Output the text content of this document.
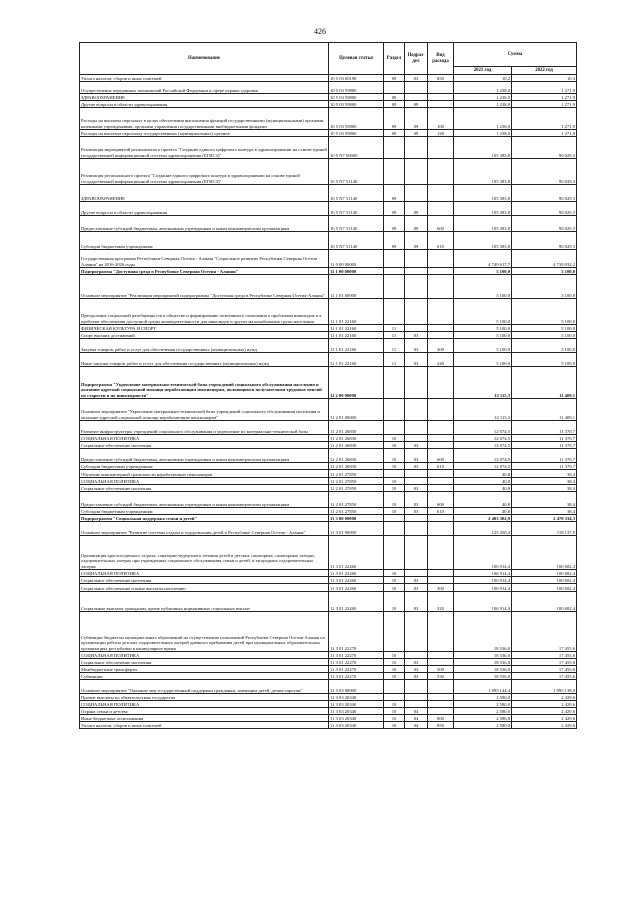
426
Наименование	Целевая статья	Раздел	Подраз-дел	Вид расхода	Сумма	
					2021 год	2022 год
Уплата налогов, сборов и иных платежей	10 5 03 00190	09	03	850	10,2	10,3
Осуществление переданных полномочий Российской Федерации в сфере охраны здоровья	10 5 03 59800				1 238,0	1 271,9
ЗДРАВООХРАНЕНИЕ	10 5 03 59800	09			1 238,0	1 271,9
Другие вопросы в области здравоохранения	10 5 03 59800	09	09		1 238,0	1 271,9
Расходы на выплаты персоналу в целях обеспечения выполнения функций государственными (муниципальными) органами, казенными учреждениями, органами управления государственными внебюджетными фондами	10 5 03 59800	09	09	100	1 238,0	1 271,9
Расходы на выплаты персоналу государственных (муниципальных) органов	10 5 03 59800	09	09	120	1 238,0	1 271,9
Реализация мероприятий регионального проекта "Создание единого цифрового контура в здравоохранении на основе единой государственной информационной системы здравоохранения (ЕГИСЗ)"	10 5 N7 00000				105 383,8	90 029,3
Реализация регионального проекта "Создание единого цифрового контура в здравоохранении на основе единой государственной информационной системы здравоохранения (ЕГИСЗ)"	10 5 N7 51140				105 383,8	90 029,3
ЗДРАВООХРАНЕНИЕ	10 5 N7 51140	09			105 383,8	90 029,3
Другие вопросы в области здравоохранения	10 5 N7 51140	09	09		105 383,8	90 029,3
Предоставление субсидий бюджетным, автономным учреждениям и иным некоммерческим организациям	10 5 N7 51140	09	09	600	105 383,8	90 029,3
Субсидии бюджетным учреждениям	10 5 N7 51140	09	09	610	105 383,8	90 029,3
Государственная программа Республики Северная Осетия - Алания "Социальное развитие Республики Северная Осетия - Алания" на 2016-2026 годы	11 0 00 00000				4 749 617,7	4 739 032,2
Подпрограмма "Доступная среда в Республике Северная Осетия - Алания"	11 1 00 00000				5 100,0	5 100,0
Основное мероприятие "Реализация мероприятий подпрограммы "Доступная среда в Республике Северная Осетия-Алания"	11 1 01 00000				5 100,0	5 100,0
Преодоление социальной разобщенности в обществе и формирование позитивного отношения к проблемам инвалидов и к проблеме обеспечения доступной среды жизнедеятельности для инвалидов и других маломобильных групп населения	11 1 01 22160				5 100,0	5 100,0
ФИЗИЧЕСКАЯ КУЛЬТУРА И СПОРТ	11 1 01 22160	11			5 100,0	5 100,0
Спорт высших достижений	11 1 01 22160	11	03		5 100,0	5 100,0
Закупка товаров, работ и услуг для обеспечения государственных (муниципальных) нужд	11 1 01 22160	11	03	200	5 100,0	5 100,0
Иные закупки товаров, работ и услуг для обеспечения государственных (муниципальных) нужд	11 1 01 22160	11	03	240	5 100,0	5 100,0
Подпрограмма "Укрепление материально-технической базы учреждений социального обслуживания населения и оказание адресной социальной помощи неработающим пенсионерам, являющимся получателями трудовых пенсий по старости и по инвалидности"	11 2 00 00000				12 115,3	11 409,1
Основное мероприятие "Укрепление материально-технической базы учреждений социального обслуживания населения и оказание адресной социальной помощи неработающим пенсионерам"	11 2 01 00000				12 115,3	11 409,1
Развитие инфраструктуры учреждений социального обслуживания и укрепление их материально-технической базы	11 2 01 26830				12 074,5	11 370,7
СОЦИАЛЬНАЯ ПОЛИТИКА	11 2 01 26830	10			12 074,5	11 370,7
Социальное обеспечение населения	11 2 01 26830	10	03		12 074,5	11 370,7
Предоставление субсидий бюджетным, автономным учреждениям и иным некоммерческим организациям	11 2 01 26830	10	03	600	12 074,5	11 370,7
Субсидии бюджетным учреждениям	11 2 01 26830	10	03	610	12 074,5	11 370,7
Обучение компьютерной грамотности неработающих пенсионеров	11 2 01 27850				40,8	38,4
СОЦИАЛЬНАЯ ПОЛИТИКА	11 2 01 27850	10			40,8	38,4
Социальное обеспечение населения	11 2 01 27850	10	03		40,8	38,4
Предоставление субсидий бюджетным, автономным учреждениям и иным некоммерческим организациям	11 2 01 27850	10	03	600	40,8	38,4
Субсидии бюджетным учреждениям	11 2 01 27850	10	03	610	40,8	38,4
Подпрограмма "Социальная поддержка семьи и детей"	11 3 00 00000				2 403 302,9	2 470 334,3
Основное мероприятие "Развитие системы отдыха и оздоровления детей в Республике Северная Осетия - Алания"	11 3 01 00000				125 450,4	118 137,9
Организация круглогодичного отдыха, санаторно-курортного лечения детей в детских санаториях, санаторных лагерях, оздоровительных лагерях при учреждениях социального обслуживания семьи и детей, в загородных оздоровительных лагерях	11 3 01 22260				106 914,4	100 682,4
СОЦИАЛЬНАЯ ПОЛИТИКА	11 3 01 22260	10			106 914,4	100 682,4
Социальное обеспечение населения	11 3 01 22260	10	03		106 914,4	100 682,4
Социальное обеспечение и иные выплаты населению	11 3 01 22260	10	03	300	106 914,4	100 682,4
Социальные выплаты гражданам, кроме публичных нормативных социальных выплат	11 3 01 22260	10	03	320	106 914,4	100 682,4
Субвенции бюджетам муниципальных образований на осуществление полномочий Республики Северная Осетия-Алания по организации работы детских оздоровительных лагерей дневного пребывания детей при муниципальных образовательных организациях республики в каникулярное время	11 3 01 22270				18 536,0	17 455,6
СОЦИАЛЬНАЯ ПОЛИТИКА	11 3 01 22270	10			18 536,0	17 455,6
Социальное обеспечение населения	11 3 01 22270	10	03		18 536,0	17 455,6
Межбюджетные трансферты	11 3 01 22270	10	03	500	18 536,0	17 455,6
Субвенции	11 3 01 22270	10	03	530	18 536,0	17 455,6
Основное мероприятие "Оказание мер государственной поддержки гражданам, имеющим детей, детям-сиротам"	11 3 03 00000				1 095 144,4	1 095 138,0
Прочие выплаты по обязательствам государства	11 3 03 20340				2 580,0	2 429,6
СОЦИАЛЬНАЯ ПОЛИТИКА	11 3 03 20340	10			2 580,0	2 429,6
Охрана семьи и детства	11 3 03 20340	10	04		2 580,0	2 429,6
Иные бюджетные ассигнования	11 3 03 20340	10	04	800	2 580,0	2 429,6
Уплата налогов, сборов и иных платежей	11 3 03 20340	10	04	850	2 580,0	2 429,6
